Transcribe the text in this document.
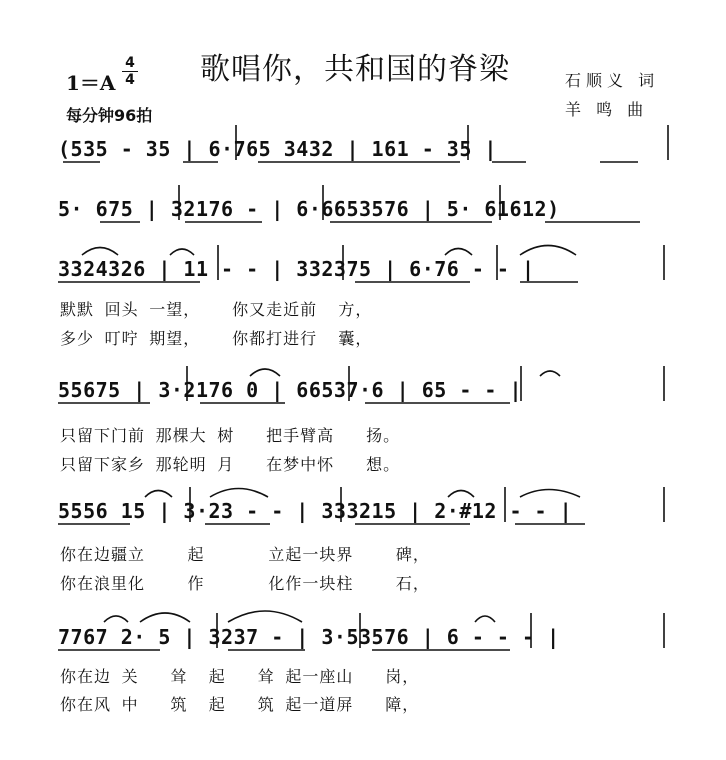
歌唱你，共和国的脊梁
1＝A
4
4
每分钟96拍
石顺义 词
羊 鸣 曲
(535 - 35 | 6·765 3432 | 161 - 35 |
5· 675 | 32176 - | 6·6653576 | 5· 61612)
3324326 | 11 - - | 332375 | 6·76 - - |
默默 回头 一望，   你又走近前  方，
多少 叮咛 期望，   你都打进行  囊，
55675 | 3·2176 0 | 66537·6 | 65 - - |
只留下门前 那棵大 树   把手臂高   扬。
只留下家乡 那轮明 月   在梦中怀   想。
5556 15 | 3·23 - - | 333215 | 2·#12 - - |
你在边疆立    起      立起一块界    碑，
你在浪里化    作      化作一块柱    石，
7767 2· 5 | 3237 - | 3·53576 | 6 - - - |
你在边 关   耸  起   耸 起一座山   岗，
你在风 中   筑  起   筑 起一道屏   障，
